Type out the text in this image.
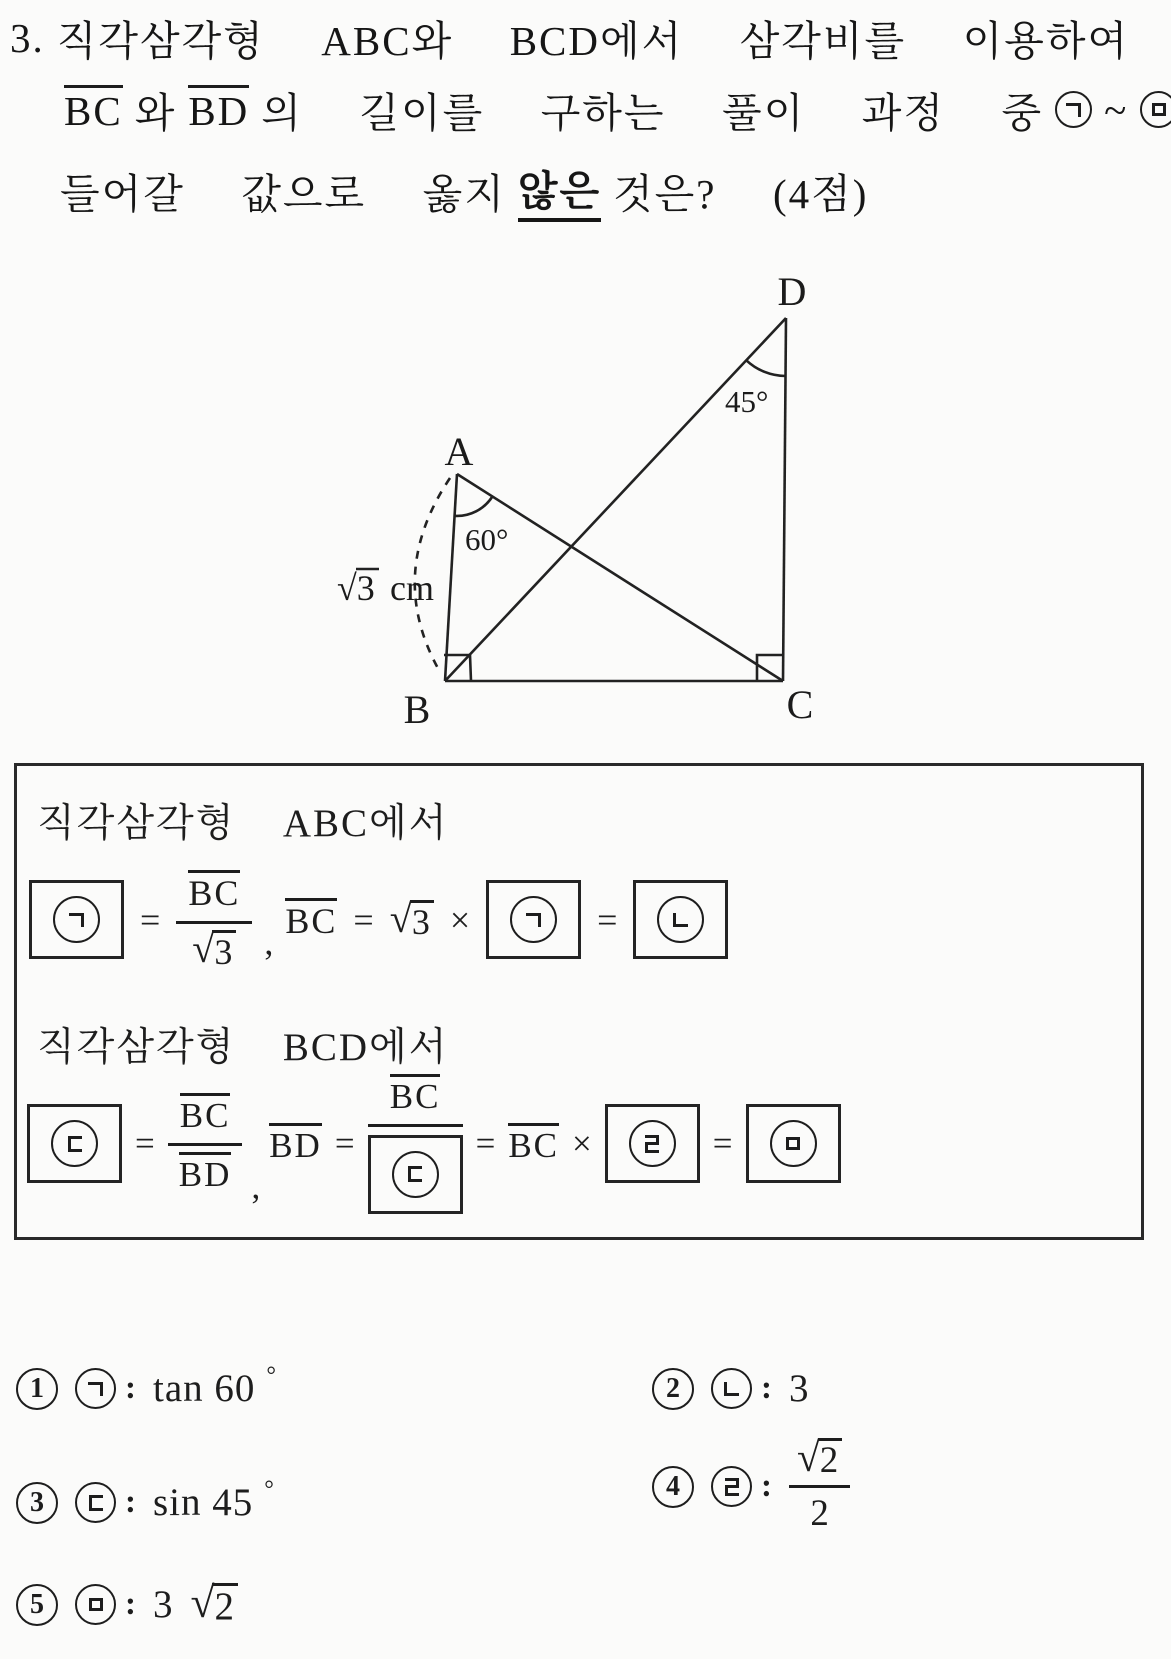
3. 직각삼각형  ABC와  BCD에서  삼각비를  이용하여
BC 와 BD 의  길이를  구하는  풀이  과정  중 ~
들어갈  값으로  옳지 않은 것은?  (4점)
A
B	C
D
60°
45°
√3 cm
직각삼각형  ABC에서
= $\frac{BC}{√ 3}$ ,
BC = √ 3 ×	=
직각삼각형  BCD에서
= $\frac{BC}{BD}$ ,
BD =
BC
= BC ×	=
1	: tan 60 °	2	: 3
3	: sin 45 °	4	: $\frac{√ 2}{2}$
5	: 3 √ 2
